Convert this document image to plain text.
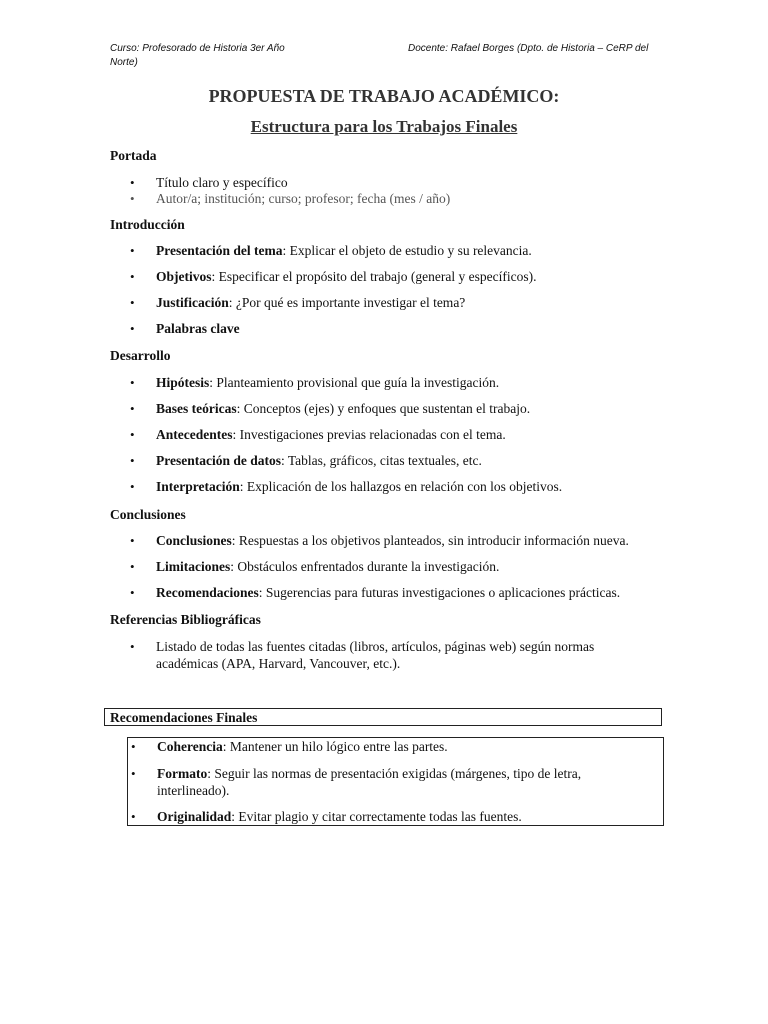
Curso: Profesorado de Historia 3er Año
Norte)
Docente: Rafael Borges (Dpto. de Historia – CeRP del
PROPUESTA DE TRABAJO ACADÉMICO:
Estructura para los Trabajos Finales
Portada
• Título claro y específico
• Autor/a; institución; curso; profesor; fecha (mes / año)
Introducción
• Presentación del tema: Explicar el objeto de estudio y su relevancia.
• Objetivos: Especificar el propósito del trabajo (general y específicos).
• Justificación: ¿Por qué es importante investigar el tema?
• Palabras clave
Desarrollo
• Hipótesis: Planteamiento provisional que guía la investigación.
• Bases teóricas: Conceptos (ejes) y enfoques que sustentan el trabajo.
• Antecedentes: Investigaciones previas relacionadas con el tema.
• Presentación de datos: Tablas, gráficos, citas textuales, etc.
• Interpretación: Explicación de los hallazgos en relación con los objetivos.
Conclusiones
• Conclusiones: Respuestas a los objetivos planteados, sin introducir información nueva.
• Limitaciones: Obstáculos enfrentados durante la investigación.
• Recomendaciones: Sugerencias para futuras investigaciones o aplicaciones prácticas.
Referencias Bibliográficas
• Listado de todas las fuentes citadas (libros, artículos, páginas web) según normas académicas (APA, Harvard, Vancouver, etc.).
Recomendaciones Finales
• Coherencia: Mantener un hilo lógico entre las partes.
• Formato: Seguir las normas de presentación exigidas (márgenes, tipo de letra, interlineado).
• Originalidad: Evitar plagio y citar correctamente todas las fuentes.
